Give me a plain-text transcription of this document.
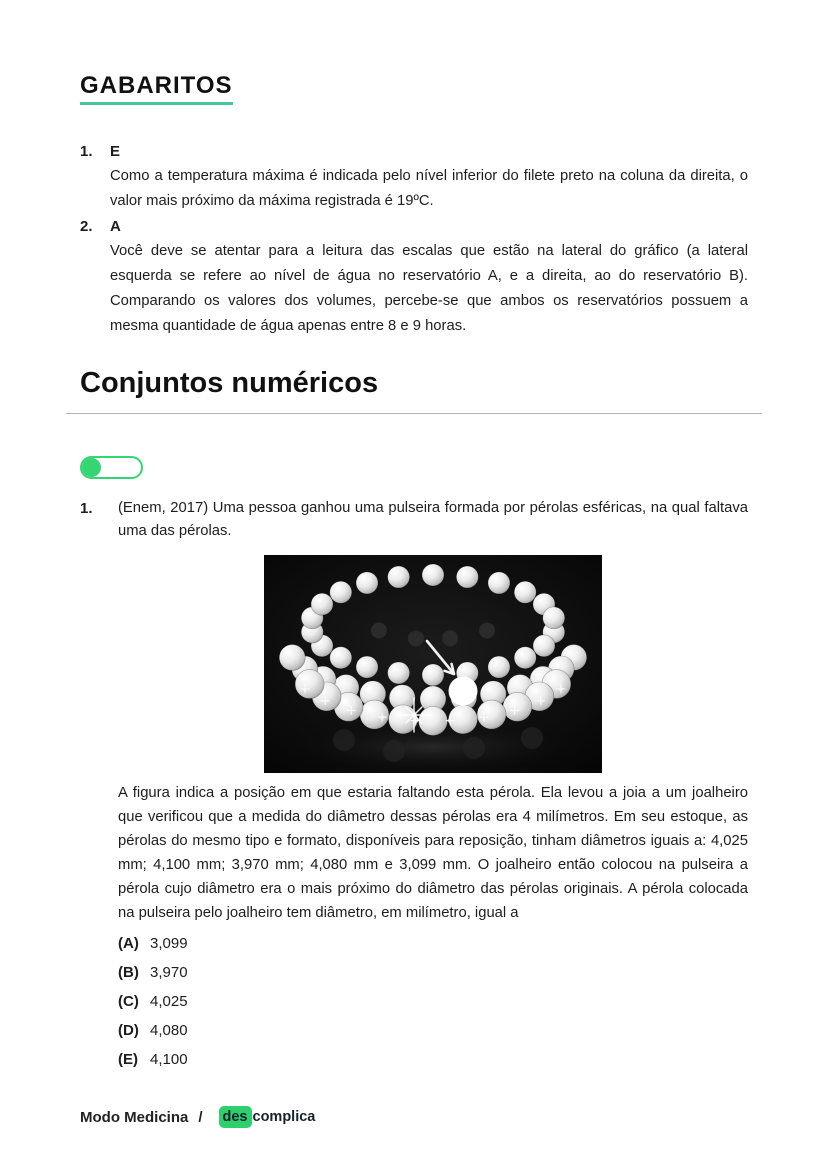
GABARITOS
1.	E

Como a temperatura máxima é indicada pelo nível inferior do filete preto na coluna da direita, o valor mais próximo da máxima registrada é 19ºC.

2.	A

Você deve se atentar para a leitura das escalas que estão na lateral do gráfico (a lateral esquerda se refere ao nível de água no reservatório A, e a direita, ao do reservatório B). Comparando os valores dos volumes, percebe-se que ambos os reservatórios possuem a mesma quantidade de água apenas entre 8 e 9 horas.

Conjuntos numéricos
1.	(Enem, 2017) Uma pessoa ganhou uma pulseira formada por pérolas esféricas, na qual faltava uma das pérolas.

A figura indica a posição em que estaria faltando esta pérola. Ela levou a joia a um joalheiro que verificou que a medida do diâmetro dessas pérolas era 4 milímetros. Em seu estoque, as pérolas do mesmo tipo e formato, disponíveis para reposição, tinham diâmetros iguais a: 4,025 mm; 4,100 mm; 3,970 mm; 4,080 mm e 3,099 mm. O joalheiro então colocou na pulseira a pérola cujo diâmetro era o mais próximo do diâmetro das pérolas originais. A pérola colocada na pulseira pelo joalheiro tem diâmetro, em milímetro, igual a

(A) 3,099
(B) 3,970
(C) 4,025
(D) 4,080
(E) 4,100
Modo Medicina / des complica
